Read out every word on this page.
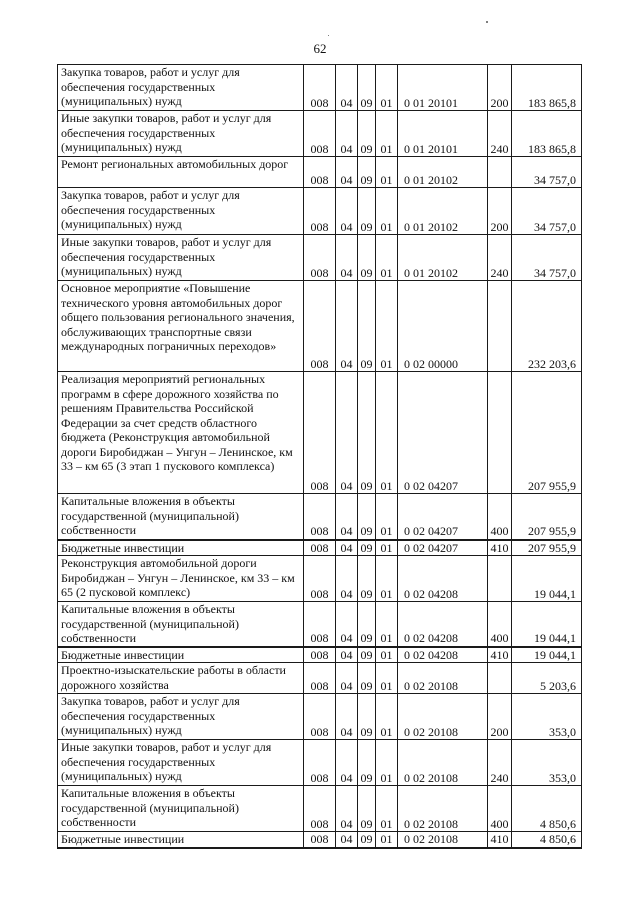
62
Закупка товаров, работ и услуг для обеспечения государственных (муниципальных) нужд	008	04	09	01	0 01 20101	200	183 865,8
Иные закупки товаров, работ и услуг для обеспечения государственных (муниципальных) нужд	008	04	09	01	0 01 20101	240	183 865,8
Ремонт региональных автомобильных дорог	008	04	09	01	0 01 20102		34 757,0
Закупка товаров, работ и услуг для обеспечения государственных (муниципальных) нужд	008	04	09	01	0 01 20102	200	34 757,0
Иные закупки товаров, работ и услуг для обеспечения государственных (муниципальных) нужд	008	04	09	01	0 01 20102	240	34 757,0
Основное мероприятие «Повышение технического уровня автомобильных дорог общего пользования регионального значения, обслуживающих транспортные связи международных пограничных переходов»	008	04	09	01	0 02 00000		232 203,6
Реализация мероприятий региональных программ в сфере дорожного хозяйства по решениям Правительства Российской Федерации за счет средств областного бюджета (Реконструкция автомобильной дороги Биробиджан – Унгун – Ленинское, км 33 – км 65 (3 этап 1 пускового комплекса)	008	04	09	01	0 02 04207		207 955,9
Капитальные вложения в объекты государственной (муниципальной) собственности	008	04	09	01	0 02 04207	400	207 955,9
Бюджетные инвестиции	008	04	09	01	0 02 04207	410	207 955,9
Реконструкция автомобильной дороги Биробиджан – Унгун – Ленинское, км 33 – км 65 (2 пусковой комплекс)	008	04	09	01	0 02 04208		19 044,1
Капитальные вложения в объекты государственной (муниципальной) собственности	008	04	09	01	0 02 04208	400	19 044,1
Бюджетные инвестиции	008	04	09	01	0 02 04208	410	19 044,1
Проектно-изыскательские работы в области дорожного хозяйства	008	04	09	01	0 02 20108		5 203,6
Закупка товаров, работ и услуг для обеспечения государственных (муниципальных) нужд	008	04	09	01	0 02 20108	200	353,0
Иные закупки товаров, работ и услуг для обеспечения государственных (муниципальных) нужд	008	04	09	01	0 02 20108	240	353,0
Капитальные вложения в объекты государственной (муниципальной) собственности	008	04	09	01	0 02 20108	400	4 850,6
Бюджетные инвестиции	008	04	09	01	0 02 20108	410	4 850,6
